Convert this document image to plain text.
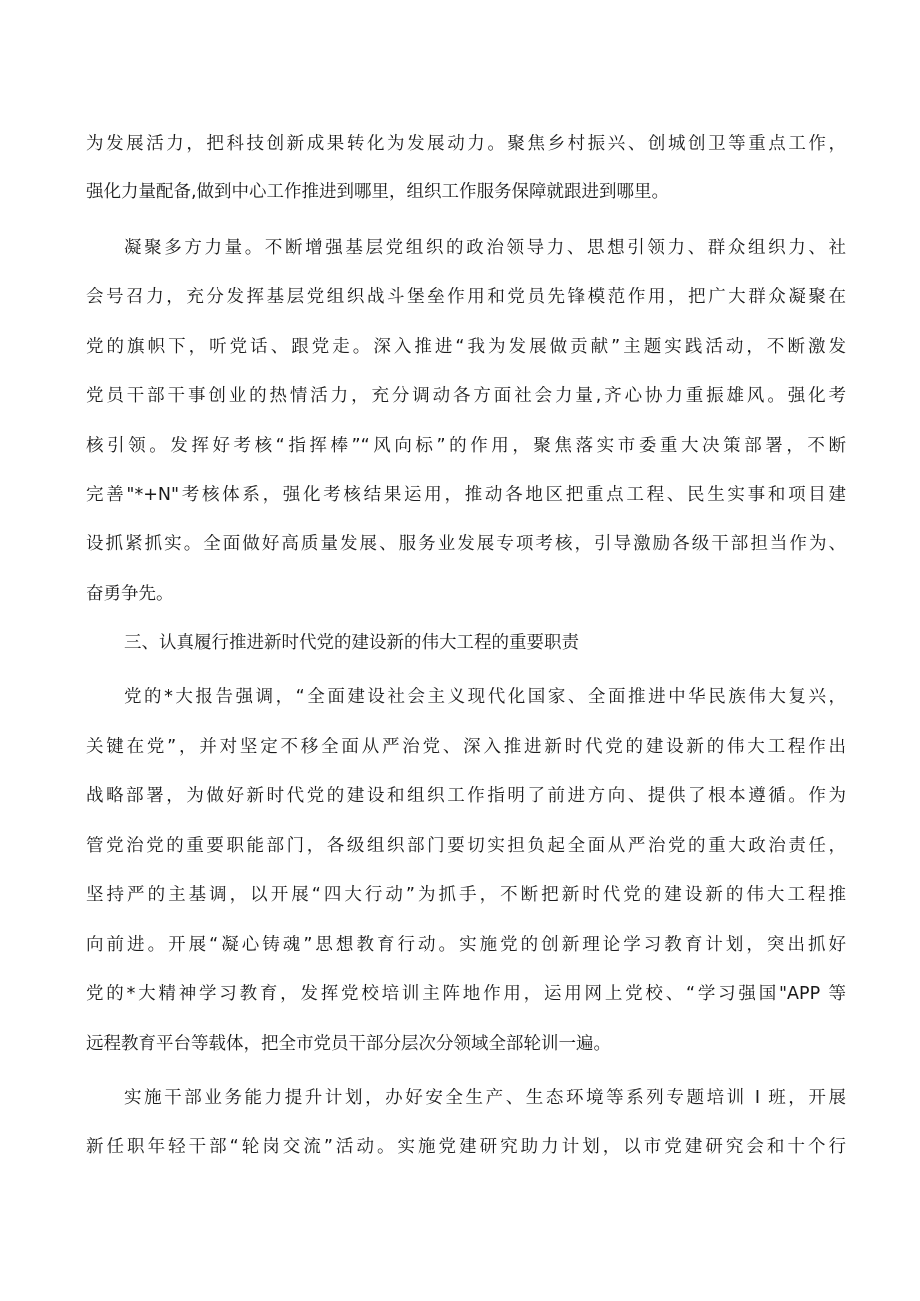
为发展活力，把科技创新成果转化为发展动力。聚焦乡村振兴、创城创卫等重点工作，
强化力量配备,做到中心工作推进到哪里，组织工作服务保障就跟进到哪里。
凝聚多方力量。不断增强基层党组织的政治领导力、思想引领力、群众组织力、社
会号召力，充分发挥基层党组织战斗堡垒作用和党员先锋模范作用，把广大群众凝聚在
党的旗帜下，听党话、跟党走。深入推进“我为发展做贡献”主题实践活动，不断激发
党员干部干事创业的热情活力，充分调动各方面社会力量,齐心协力重振雄风。强化考
核引领。发挥好考核“指挥棒”“风向标”的作用，聚焦落实市委重大决策部署，不断
完善"*+N"考核体系，强化考核结果运用，推动各地区把重点工程、民生实事和项目建
设抓紧抓实。全面做好高质量发展、服务业发展专项考核，引导激励各级干部担当作为、
奋勇争先。
三、认真履行推进新时代党的建设新的伟大工程的重要职责
党的*大报告强调，“全面建设社会主义现代化国家、全面推进中华民族伟大复兴，
关键在党”，并对坚定不移全面从严治党、深入推进新时代党的建设新的伟大工程作出
战略部署，为做好新时代党的建设和组织工作指明了前进方向、提供了根本遵循。作为
管党治党的重要职能部门，各级组织部门要切实担负起全面从严治党的重大政治责任，
坚持严的主基调，以开展“四大行动”为抓手，不断把新时代党的建设新的伟大工程推
向前进。开展“凝心铸魂”思想教育行动。实施党的创新理论学习教育计划，突出抓好
党的*大精神学习教育，发挥党校培训主阵地作用，运用网上党校、“学习强国"APP 等
远程教育平台等载体，把全市党员干部分层次分领域全部轮训一遍。
实施干部业务能力提升计划，办好安全生产、生态环境等系列专题培训 I 班，开展
新任职年轻干部“轮岗交流”活动。实施党建研究助力计划，以市党建研究会和十个行
